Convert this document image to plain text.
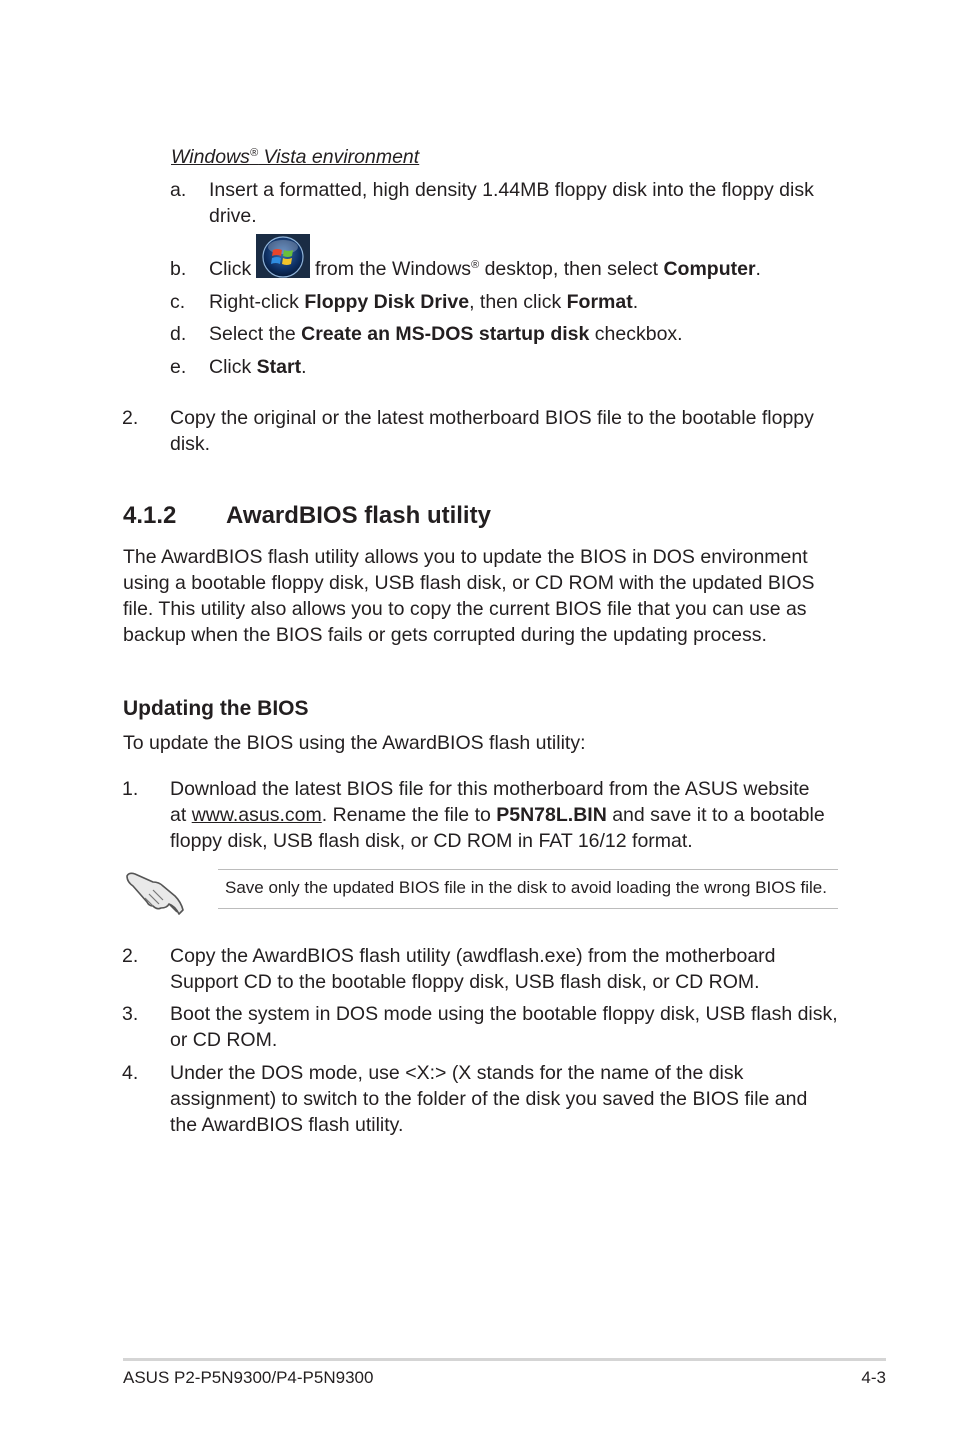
Windows® Vista environment
a. Insert a formatted, high density 1.44MB floppy disk into the floppy disk
drive.
b. Click	from the Windows® desktop, then select Computer.
c. Right-click Floppy Disk Drive, then click Format.
d. Select the Create an MS-DOS startup disk checkbox.
e. Click Start.
2. Copy the original or the latest motherboard BIOS file to the bootable floppy
disk.
4.1.2 AwardBIOS flash utility
The AwardBIOS flash utility allows you to update the BIOS in DOS environment
using a bootable floppy disk, USB flash disk, or CD ROM with the updated BIOS
file. This utility also allows you to copy the current BIOS file that you can use as
backup when the BIOS fails or gets corrupted during the updating process.
Updating the BIOS
To update the BIOS using the AwardBIOS flash utility:
1. Download the latest BIOS file for this motherboard from the ASUS website
at www.asus.com. Rename the file to P5N78L.BIN and save it to a bootable
floppy disk, USB flash disk, or CD ROM in FAT 16/12 format.
Save only the updated BIOS file in the disk to avoid loading the wrong BIOS file.
2. Copy the AwardBIOS flash utility (awdflash.exe) from the motherboard
Support CD to the bootable floppy disk, USB flash disk, or CD ROM.
3. Boot the system in DOS mode using the bootable floppy disk, USB flash disk,
or CD ROM.
4. Under the DOS mode, use <X:> (X stands for the name of the disk
assignment) to switch to the folder of the disk you saved the BIOS file and
the AwardBIOS flash utility.
ASUS P2-P5N9300/P4-P5N9300	4-3
